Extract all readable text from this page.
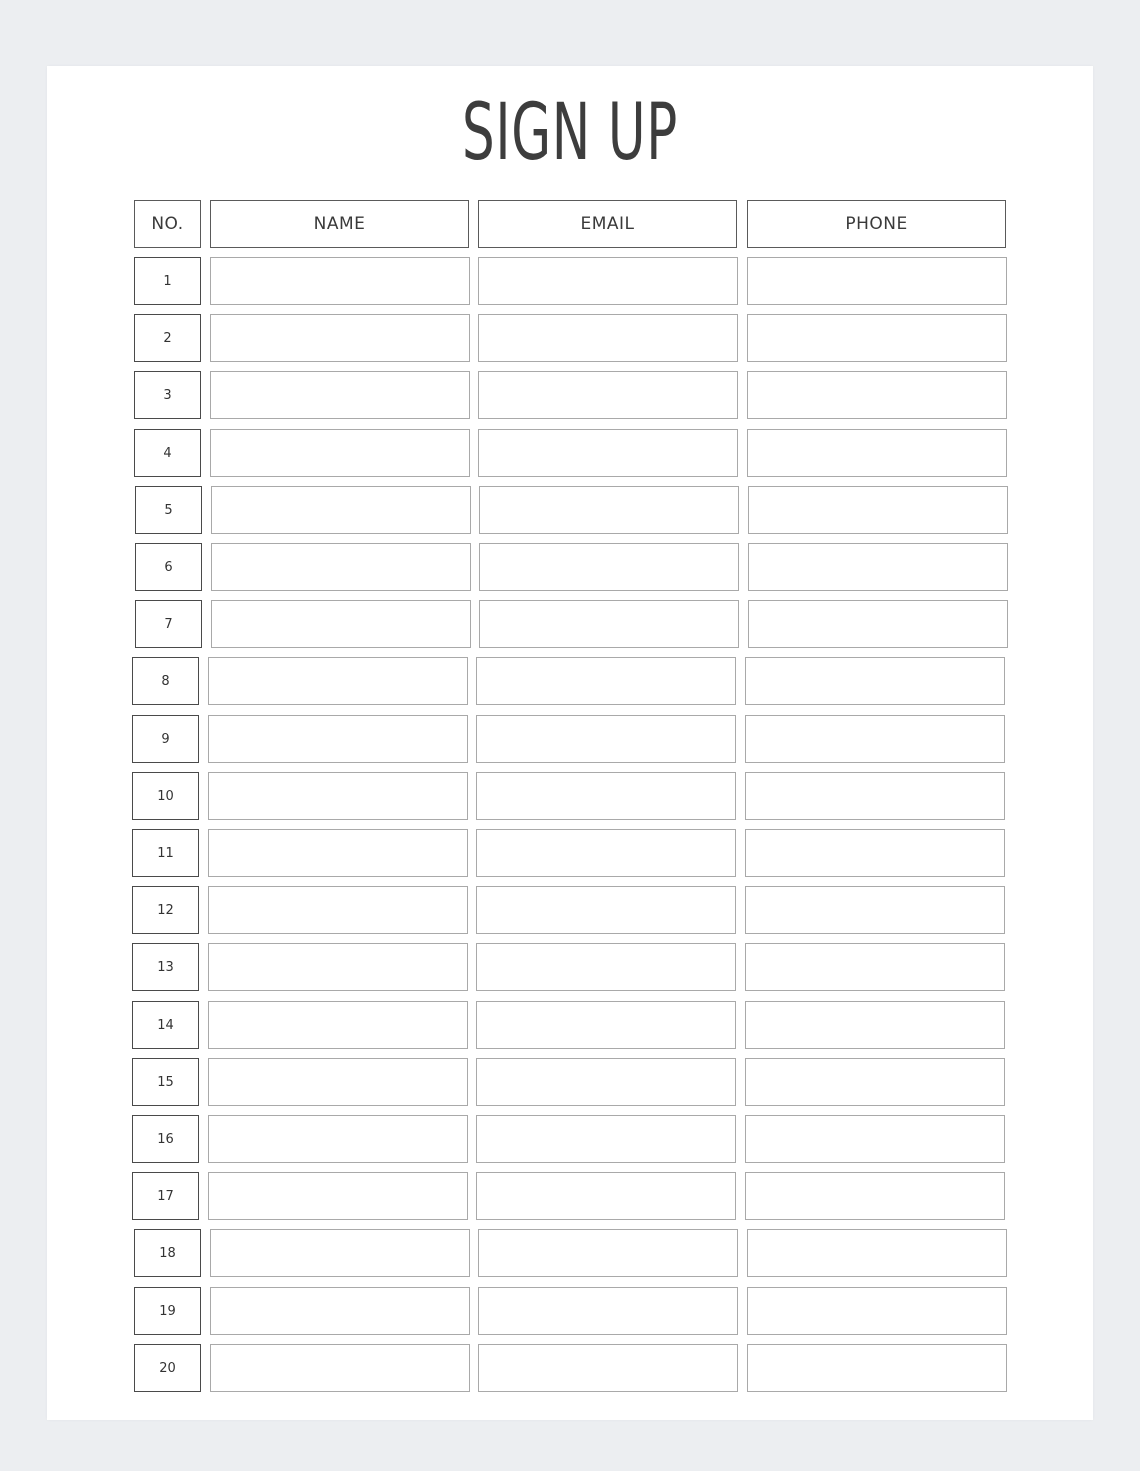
SIGN UP
NO.	NAME	EMAIL	PHONE
1
2
3
4
5
6
7
8
9
10
11
12
13
14
15
16
17
18
19
20
